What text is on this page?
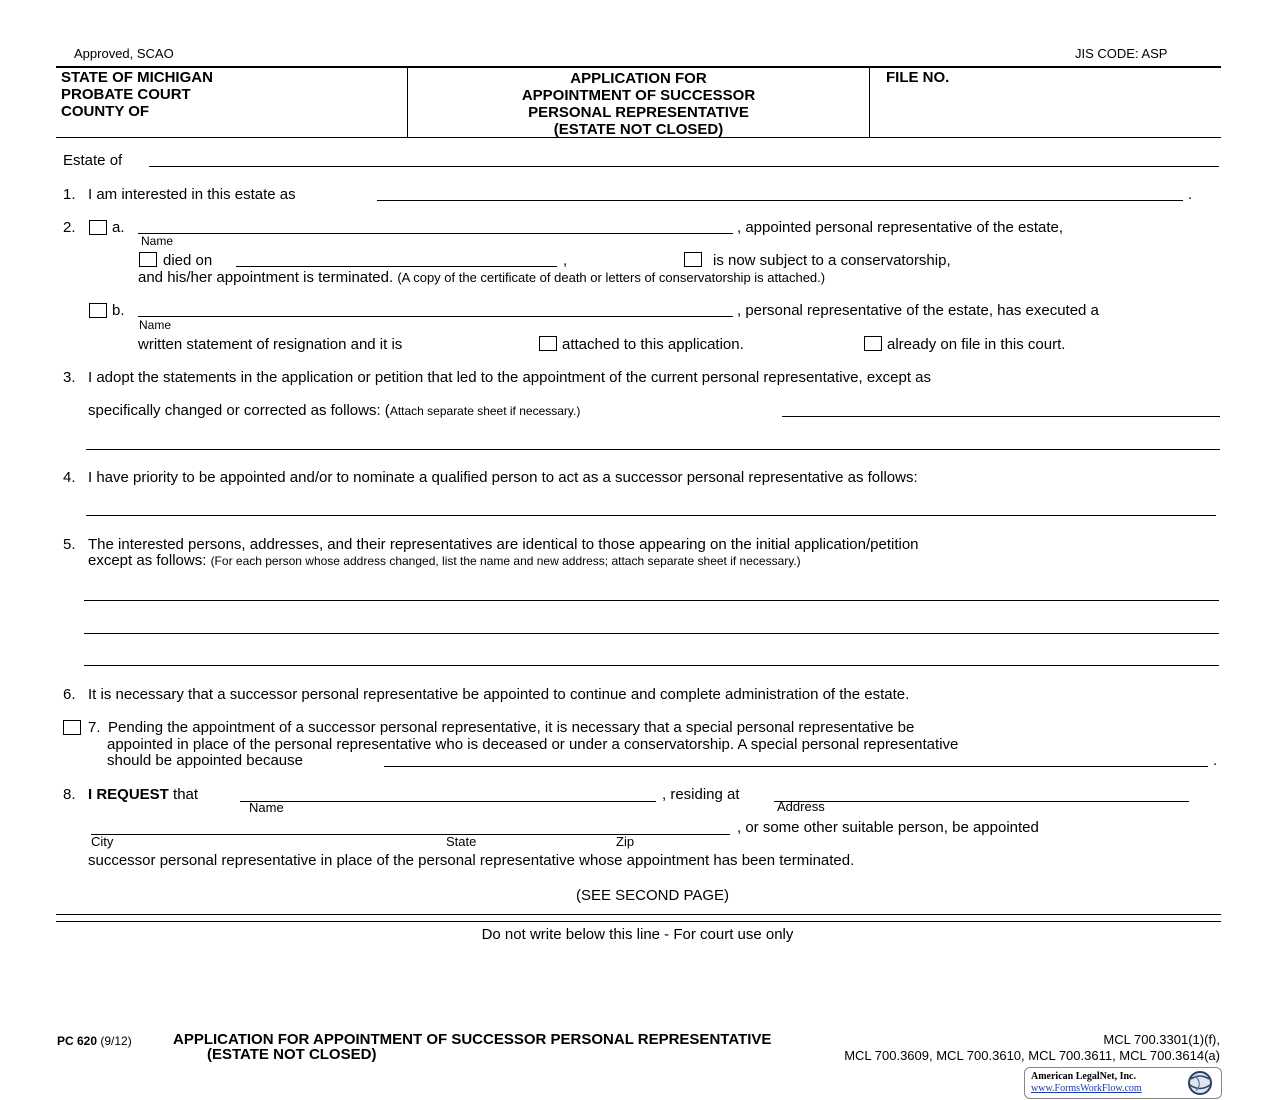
Approved, SCAO	JIS CODE: ASP
STATE OF MICHIGAN
PROBATE COURT
COUNTY OF
APPLICATION FOR
APPOINTMENT OF SUCCESSOR
PERSONAL REPRESENTATIVE
(ESTATE NOT CLOSED)
FILE NO.
Estate of
1. I am interested in this estate as	.
2. a.	, appointed personal representative of the estate,
Name
died on	,	is now subject to a conservatorship,
and his/her appointment is terminated. (A copy of the certificate of death or letters of conservatorship is attached.)
b.	, personal representative of the estate, has executed a
Name
written statement of resignation and it is	attached to this application.	already on file in this court.
3. I adopt the statements in the application or petition that led to the appointment of the current personal representative, except as
specifically changed or corrected as follows: (Attach separate sheet if necessary.)
4. I have priority to be appointed and/or to nominate a qualified person to act as a successor personal representative as follows:
5. The interested persons, addresses, and their representatives are identical to those appearing on the initial application/petition
except as follows: (For each person whose address changed, list the name and new address; attach separate sheet if necessary.)
6. It is necessary that a successor personal representative be appointed to continue and complete administration of the estate.
7. Pending the appointment of a successor personal representative, it is necessary that a special personal representative be
appointed in place of the personal representative who is deceased or under a conservatorship. A special personal representative
should be appointed because	.
8. I REQUEST that	, residing at
Name	Address
, or some other suitable person, be appointed
City	State	Zip
successor personal representative in place of the personal representative whose appointment has been terminated.
(SEE SECOND PAGE)
Do not write below this line - For court use only
PC 620 (9/12)	APPLICATION FOR APPOINTMENT OF SUCCESSOR PERSONAL REPRESENTATIVE
(ESTATE NOT CLOSED)
MCL 700.3301(1)(f),
MCL 700.3609, MCL 700.3610, MCL 700.3611, MCL 700.3614(a)
American LegalNet, Inc.
www.FormsWorkFlow.com
